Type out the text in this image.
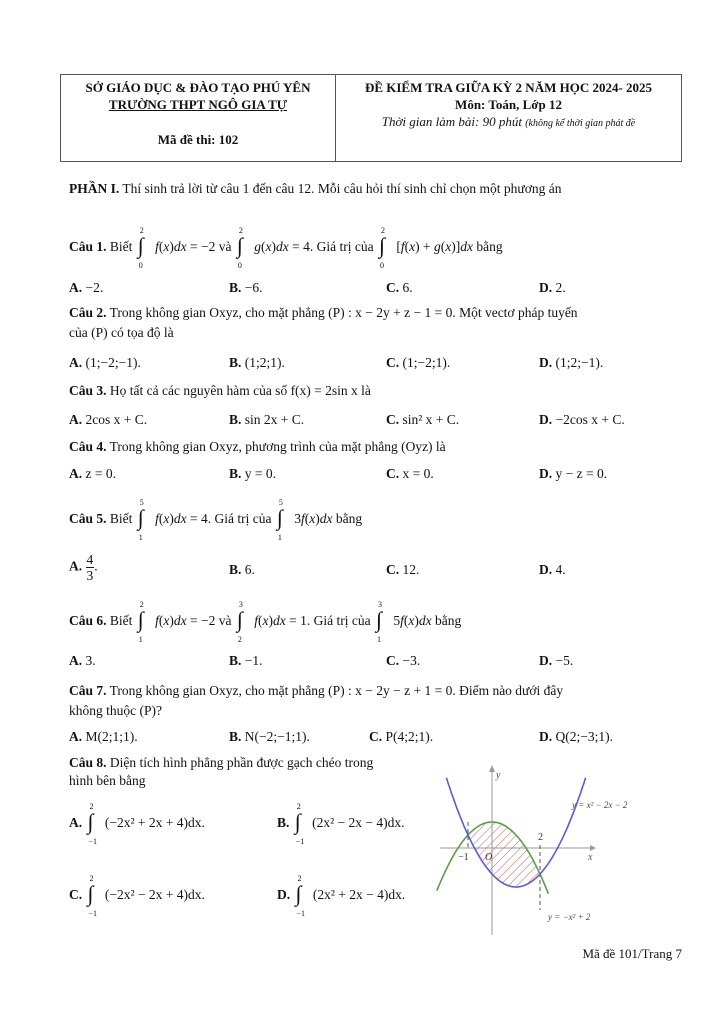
SỞ GIÁO DỤC & ĐÀO TẠO PHÚ YÊN
TRƯỜNG THPT NGÔ GIA TỰ
Mã đề thi: 102
ĐỀ KIỂM TRA GIỮA KỲ 2 NĂM HỌC 2024- 2025
Môn: Toán, Lớp 12
Thời gian làm bài: 90 phút (không kể thời gian phát đề
PHẦN I. Thí sinh trả lời từ câu 1 đến câu 12. Mỗi câu hỏi thí sinh chỉ chọn một phương án
Câu 1. Biết ∫
2
0
f(x)dx = −2 và ∫
2
0
g(x)dx = 4. Giá trị của ∫
2
0
[f(x) + g(x)]dx bằng
A. −2.	B. −6.	C. 6.	D. 2.
Câu 2. Trong không gian Oxyz, cho mặt phẳng (P) : x − 2y + z − 1 = 0. Một vectơ pháp tuyến
của (P) có tọa độ là
A. (1;−2;−1).	B. (1;2;1).	C. (1;−2;1).	D. (1;2;−1).
Câu 3. Họ tất cả các nguyên hàm của số f(x) = 2sin x là
A. 2cos x + C.	B. sin 2x + C.	C. sin² x + C.	D. −2cos x + C.
Câu 4. Trong không gian Oxyz, phương trình của mặt phẳng (Oyz) là
A. z = 0.	B. y = 0.	C. x = 0.	D. y − z = 0.
Câu 5. Biết ∫
5
1
f(x)dx = 4. Giá trị của ∫
5
1
3f(x)dx bằng
A. $\frac{4}{3}$ .	B. 6.	C. 12.	D. 4.
Câu 6. Biết ∫
2
1
f(x)dx = −2 và ∫
3
2
f(x)dx = 1. Giá trị của ∫
3
1
5f(x)dx bằng
A. 3.	B. −1.	C. −3.	D. −5.
Câu 7. Trong không gian Oxyz, cho mặt phẳng (P) : x − 2y − z + 1 = 0. Điểm nào dưới đây
không thuộc (P)?
A. M(2;1;1).	B. N(−2;−1;1).	C. P(4;2;1).	D. Q(2;−3;1).
Câu 8. Diện tích hình phẳng phần được gạch chéo trong
hình bên bằng
A. ∫
2
−1
(−2x² + 2x + 4)dx.	B. ∫
2
−1
(2x² − 2x − 4)dx.
C. ∫
2
−1
(−2x² − 2x + 4)dx.	D. ∫
2
−1
(2x² + 2x − 4)dx.
y
x
O
−1
2
y = x² − 2x − 2
y = −x² + 2
Mã đề 101/Trang 7
